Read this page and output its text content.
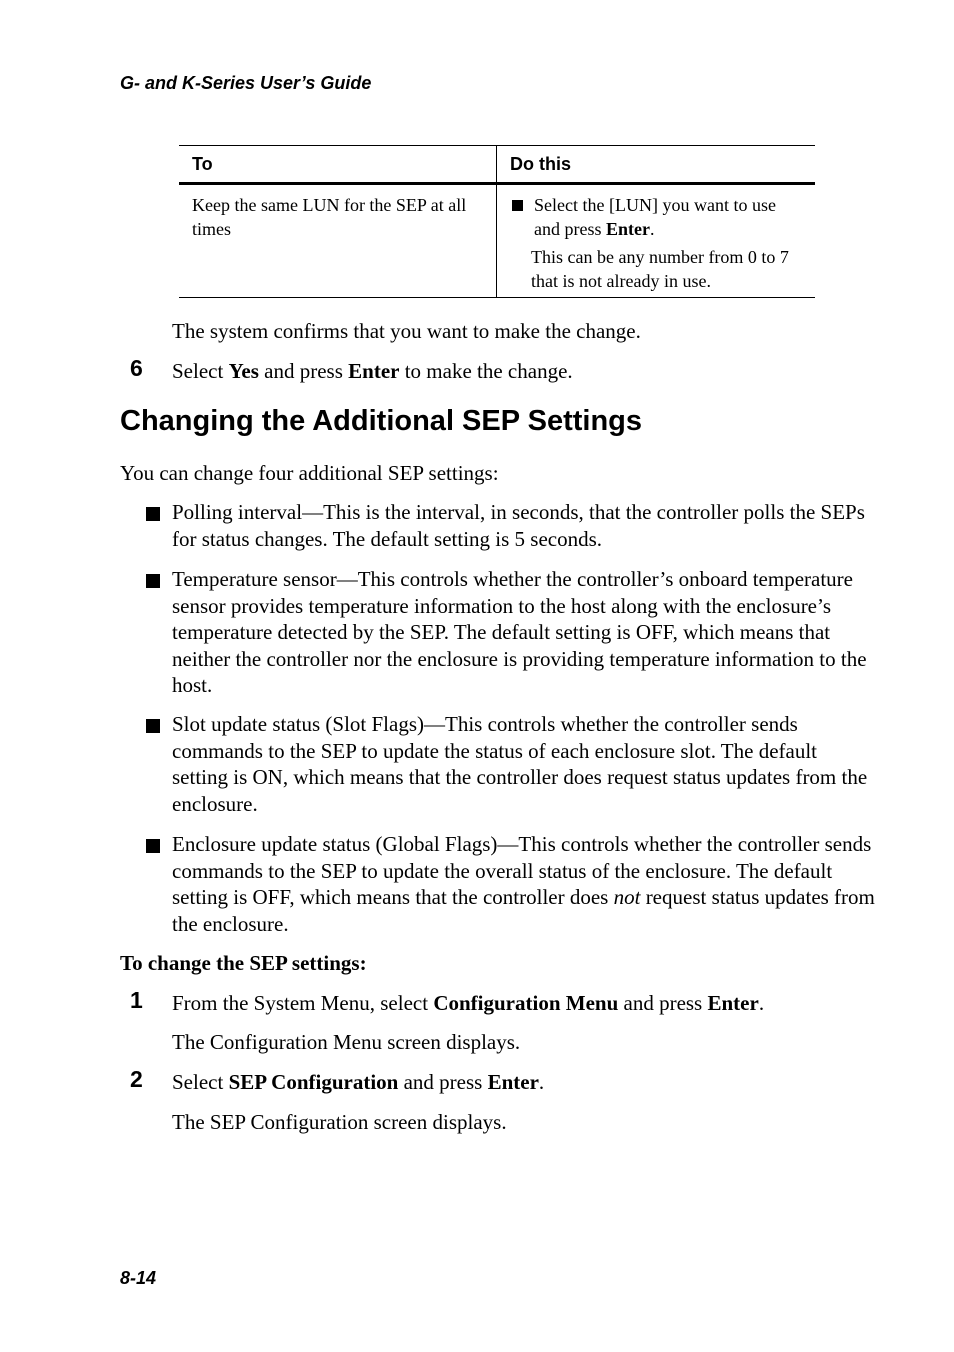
G- and K-Series User’s Guide
To	Do this
Keep the same LUN for the SEP at all times	Select the [LUN] you want to use and press Enter.

This can be any number from 0 to 7 that is not already in use.

The system confirms that you want to make the change.

6 Select Yes and press Enter to make the change.

Changing the Additional SEP Settings

You can change four additional SEP settings:

Polling interval—This is the interval, in seconds, that the controller polls the SEPs for status changes. The default setting is 5 seconds.
Temperature sensor—This controls whether the controller’s onboard temperature sensor provides temperature information to the host along with the enclosure’s temperature detected by the SEP. The default setting is OFF, which means that neither the controller nor the enclosure is providing temperature information to the host.
Slot update status (Slot Flags)—This controls whether the controller sends commands to the SEP to update the status of each enclosure slot. The default setting is ON, which means that the controller does request status updates from the enclosure.
Enclosure update status (Global Flags)—This controls whether the controller sends commands to the SEP to update the overall status of the enclosure. The default setting is OFF, which means that the controller does not request status updates from the enclosure.

To change the SEP settings:

1 From the System Menu, select Configuration Menu and press Enter.

The Configuration Menu screen displays.

2 Select SEP Configuration and press Enter.

The SEP Configuration screen displays.

8-14
